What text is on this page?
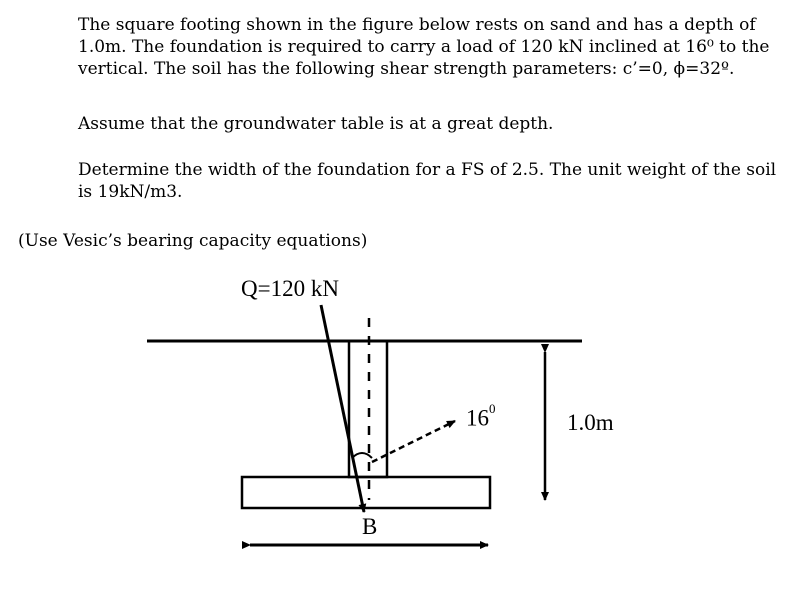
The square footing shown in the figure below rests on sand and has a depth of
1.0m. The foundation is required to carry a load of 120 kN inclined at 16⁰ to the
vertical. The soil has the following shear strength parameters: c’=0, ϕ=32º.

Assume that the groundwater table is at a great depth.

Determine the width of the foundation for a FS of 2.5. The unit weight of the soil
is 19kN/m3.

(Use Vesic’s bearing capacity equations)

Q=120 kN
$16^0$
1.0m
B
